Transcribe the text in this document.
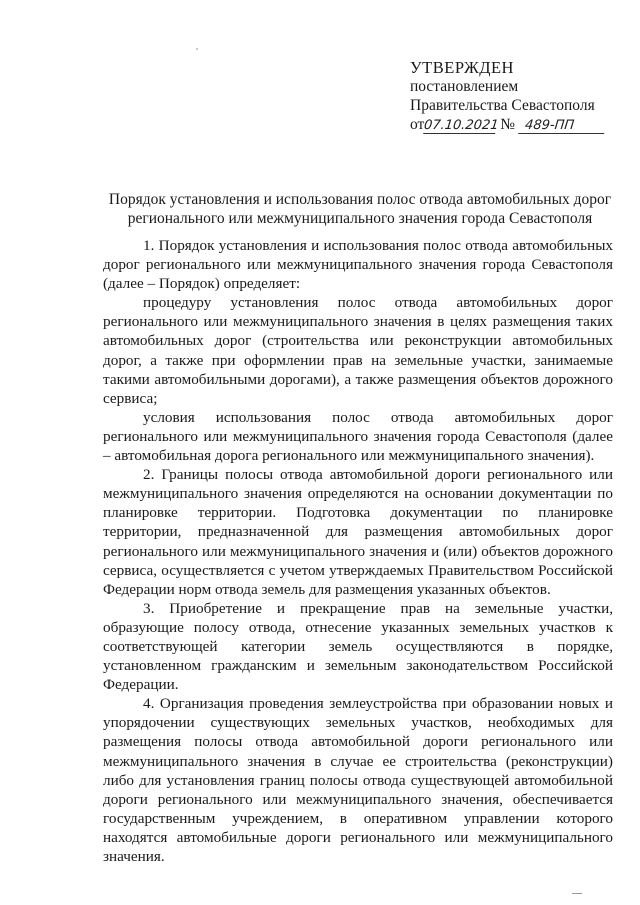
УТВЕРЖДЕН
постановлением
Правительства Севастополя
от07.10.2021 № 489-ПП
Порядок установления и использования полос отвода автомобильных дорог
регионального или межмуниципального значения города Севастополя

1. Порядок установления и использования полос отвода автомобильных дорог регионального или межмуниципального значения города Севастополя (далее – Порядок) определяет:

процедуру установления полос отвода автомобильных дорог регионального или межмуниципального значения в целях размещения таких автомобильных дорог (строительства или реконструкции автомобильных дорог, а также при оформлении прав на земельные участки, занимаемые такими автомобильными дорогами), а также размещения объектов дорожного сервиса;

условия использования полос отвода автомобильных дорог регионального или межмуниципального значения города Севастополя (далее – автомобильная дорога регионального или межмуниципального значения).

2. Границы полосы отвода автомобильной дороги регионального или межмуниципального значения определяются на основании документации по планировке территории. Подготовка документации по планировке территории, предназначенной для размещения автомобильных дорог регионального или межмуниципального значения и (или) объектов дорожного сервиса, осуществляется с учетом утверждаемых Правительством Российской Федерации норм отвода земель для размещения указанных объектов.

3. Приобретение и прекращение прав на земельные участки, образующие полосу отвода, отнесение указанных земельных участков к соответствующей категории земель осуществляются в порядке, установленном гражданским и земельным законодательством Российской Федерации.

4. Организация проведения землеустройства при образовании новых и упорядочении существующих земельных участков, необходимых для размещения полосы отвода автомобильной дороги регионального или межмуниципального значения в случае ее строительства (реконструкции) либо для установления границ полосы отвода существующей автомобильной дороги регионального или межмуниципального значения, обеспечивается государственным учреждением, в оперативном управлении которого находятся автомобильные дороги регионального или межмуниципального значения.
